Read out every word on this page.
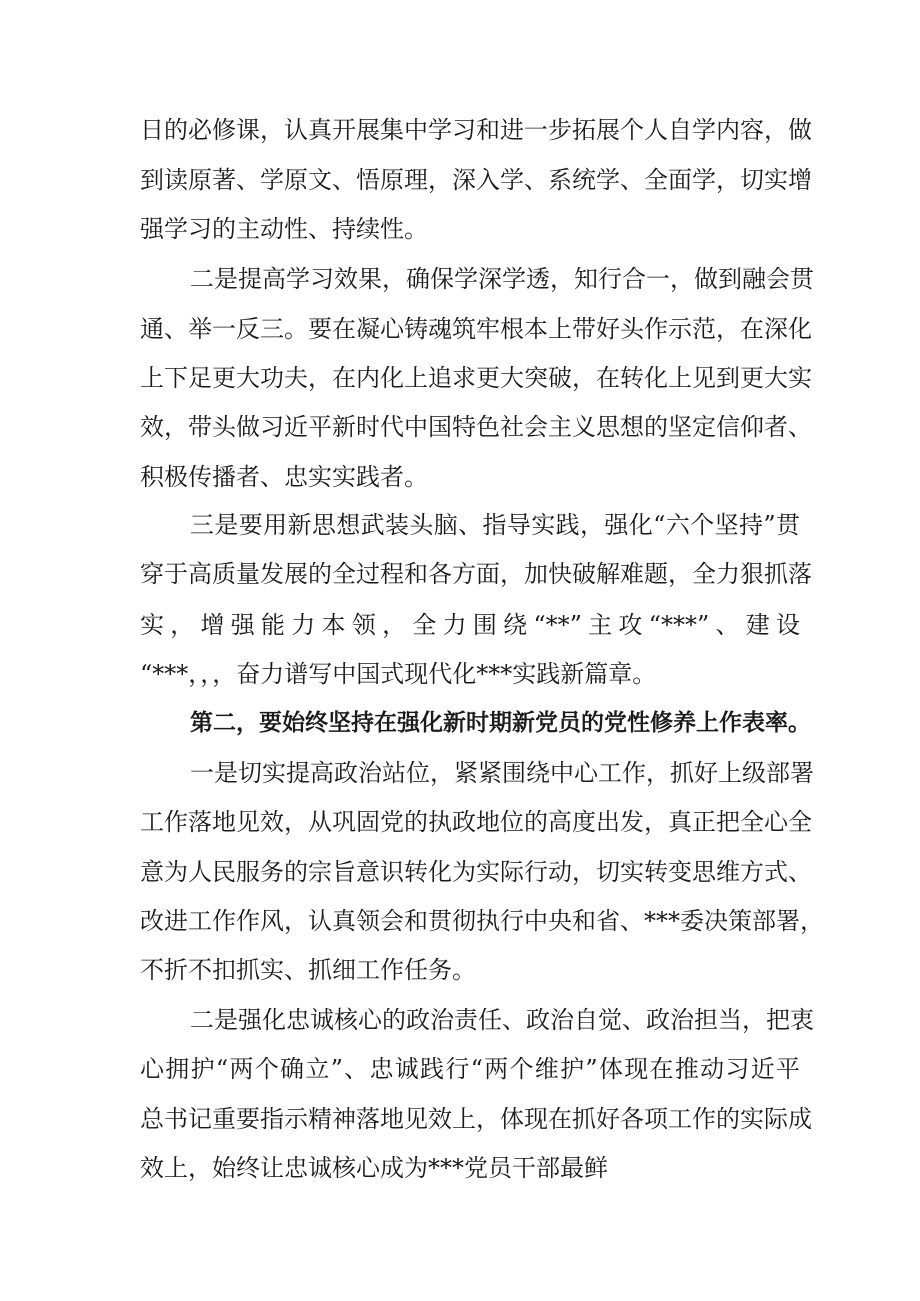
日的必修课，认真开展集中学习和进一步拓展个人自学内容，做
到读原著、学原文、悟原理，深入学、系统学、全面学，切实增
强学习的主动性、持续性。
二是提高学习效果，确保学深学透，知行合一，做到融会贯
通、举一反三。要在凝心铸魂筑牢根本上带好头作示范，在深化
上下足更大功夫，在内化上追求更大突破，在转化上见到更大实
效，带头做习近平新时代中国特色社会主义思想的坚定信仰者、
积极传播者、忠实实践者。
三是要用新思想武装头脑、指导实践，强化“六个坚持”贯
穿于高质量发展的全过程和各方面，加快破解难题，全力狠抓落
实，增强能力本领，全力围绕“**”主攻“***”、建设
“***，，，奋力谱写中国式现代化***实践新篇章。
第二，要始终坚持在强化新时期新党员的党性修养上作表率。
一是切实提高政治站位，紧紧围绕中心工作，抓好上级部署
工作落地见效，从巩固党的执政地位的高度出发，真正把全心全
意为人民服务的宗旨意识转化为实际行动，切实转变思维方式、
改进工作作风，认真领会和贯彻执行中央和省、***委决策部署，
不折不扣抓实、抓细工作任务。
二是强化忠诚核心的政治责任、政治自觉、政治担当，把衷
心拥护“两个确立”、忠诚践行“两个维护”体现在推动习近平
总书记重要指示精神落地见效上，体现在抓好各项工作的实际成
效上，始终让忠诚核心成为***党员干部最鲜
